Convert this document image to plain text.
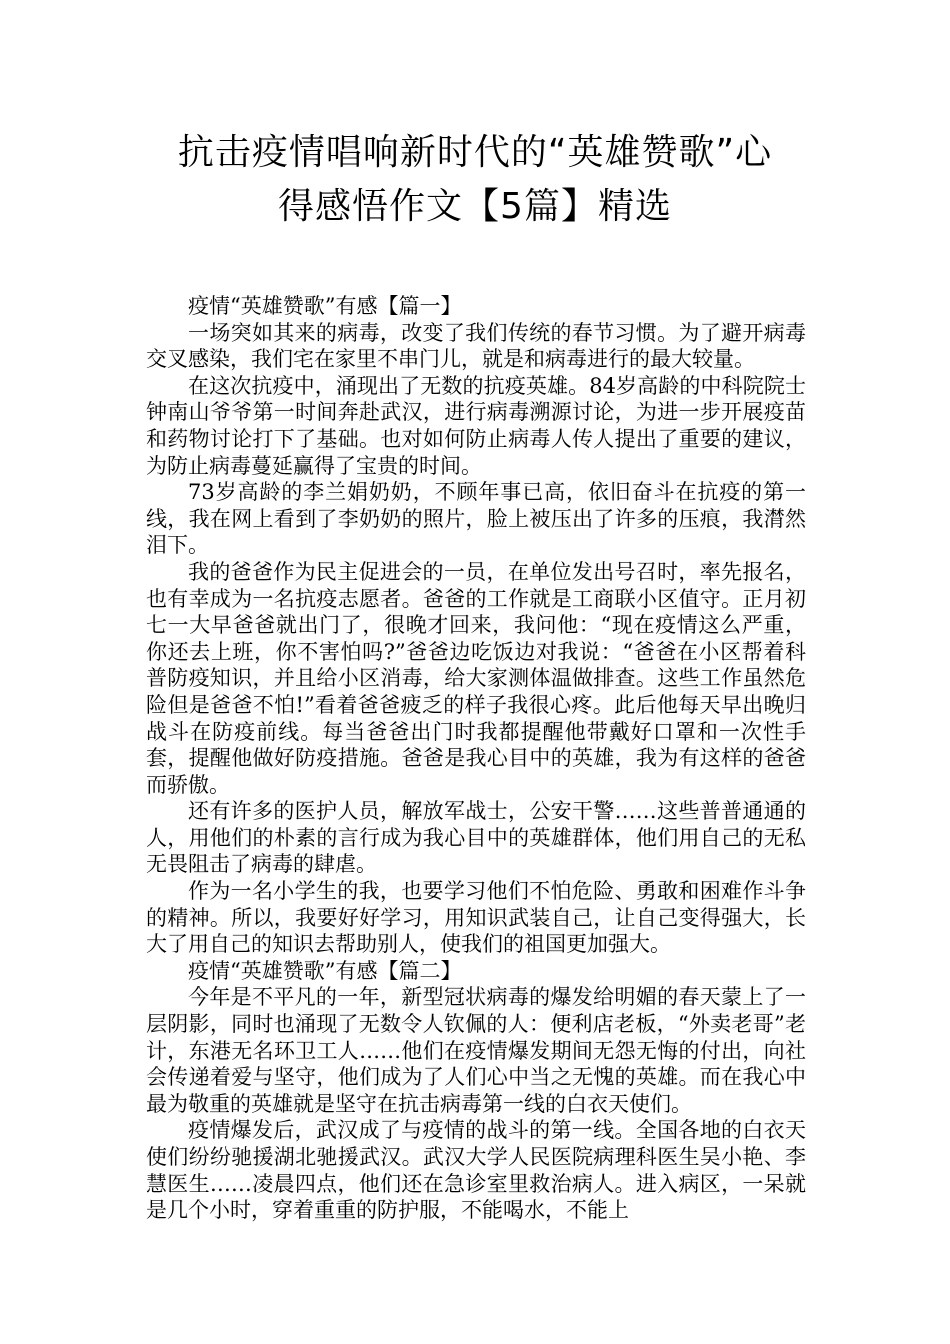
抗击疫情唱响新时代的“英雄赞歌”心
得感悟作文【5篇】精选

疫情“英雄赞歌”有感【篇一】

一场突如其来的病毒，改变了我们传统的春节习惯。为了避开病毒交叉感染，我们宅在家里不串门儿，就是和病毒进行的最大较量。

在这次抗疫中，涌现出了无数的抗疫英雄。84岁高龄的中科院院士钟南山爷爷第一时间奔赴武汉，进行病毒溯源讨论，为进一步开展疫苗和药物讨论打下了基础。也对如何防止病毒人传人提出了重要的建议，为防止病毒蔓延赢得了宝贵的时间。

73岁高龄的李兰娟奶奶，不顾年事已高，依旧奋斗在抗疫的第一线，我在网上看到了李奶奶的照片，脸上被压出了许多的压痕，我潸然泪下。

我的爸爸作为民主促进会的一员，在单位发出号召时，率先报名，也有幸成为一名抗疫志愿者。爸爸的工作就是工商联小区值守。正月初七一大早爸爸就出门了，很晚才回来，我问他：“现在疫情这么严重，你还去上班，你不害怕吗?”爸爸边吃饭边对我说：“爸爸在小区帮着科普防疫知识，并且给小区消毒，给大家测体温做排查。这些工作虽然危险但是爸爸不怕!”看着爸爸疲乏的样子我很心疼。此后他每天早出晚归战斗在防疫前线。每当爸爸出门时我都提醒他带戴好口罩和一次性手套，提醒他做好防疫措施。爸爸是我心目中的英雄，我为有这样的爸爸而骄傲。

还有许多的医护人员，解放军战士，公安干警……这些普普通通的人，用他们的朴素的言行成为我心目中的英雄群体，他们用自己的无私无畏阻击了病毒的肆虐。

作为一名小学生的我，也要学习他们不怕危险、勇敢和困难作斗争的精神。所以，我要好好学习，用知识武装自己，让自己变得强大，长大了用自己的知识去帮助别人，使我们的祖国更加强大。

疫情“英雄赞歌”有感【篇二】

今年是不平凡的一年，新型冠状病毒的爆发给明媚的春天蒙上了一层阴影，同时也涌现了无数令人钦佩的人：便利店老板，“外卖老哥”老计，东港无名环卫工人……他们在疫情爆发期间无怨无悔的付出，向社会传递着爱与坚守，他们成为了人们心中当之无愧的英雄。而在我心中最为敬重的英雄就是坚守在抗击病毒第一线的白衣天使们。

疫情爆发后，武汉成了与疫情的战斗的第一线。全国各地的白衣天使们纷纷驰援湖北驰援武汉。武汉大学人民医院病理科医生吴小艳、李慧医生……凌晨四点，他们还在急诊室里救治病人。进入病区，一呆就是几个小时，穿着重重的防护服，不能喝水，不能上
